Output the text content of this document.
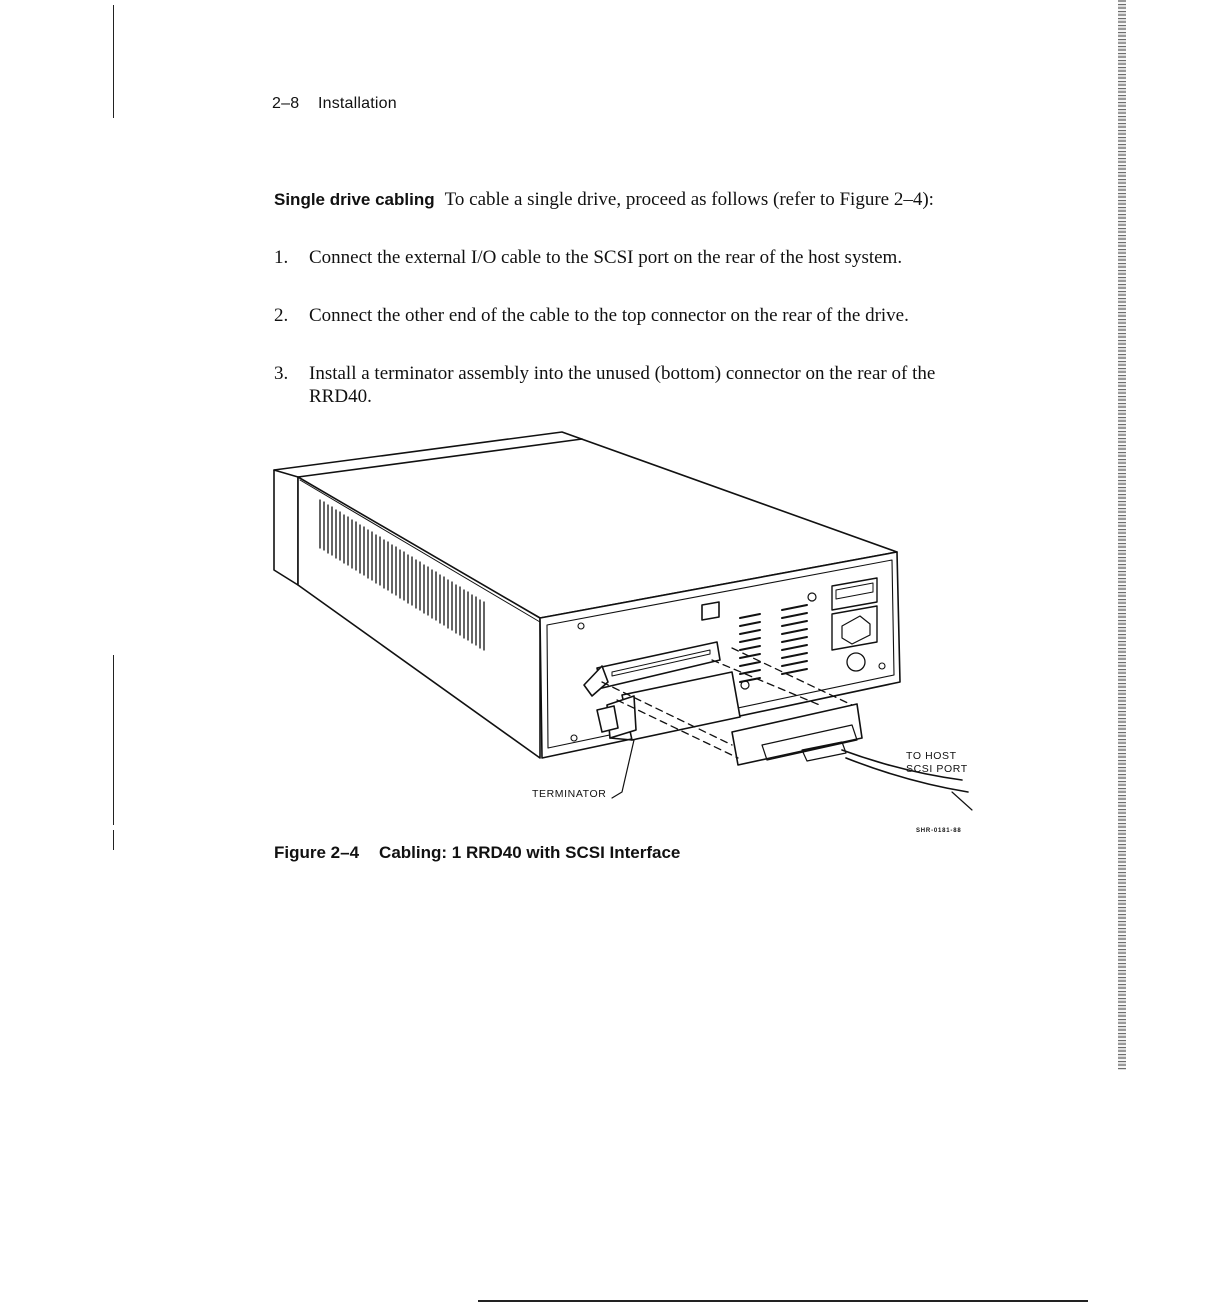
2–8 Installation
Single drive cabling To cable a single drive, proceed as follows (refer to Figure 2–4):
1.	Connect the external I/O cable to the SCSI port on the rear of the host system.
2.	Connect the other end of the cable to the top connector on the rear of the drive.
3.	Install a terminator assembly into the unused (bottom) connector on the rear of the RRD40.
TO HOST
SCSI PORT
TERMINATOR
SHR-0181-88
Figure 2–4 Cabling: 1 RRD40 with SCSI Interface
